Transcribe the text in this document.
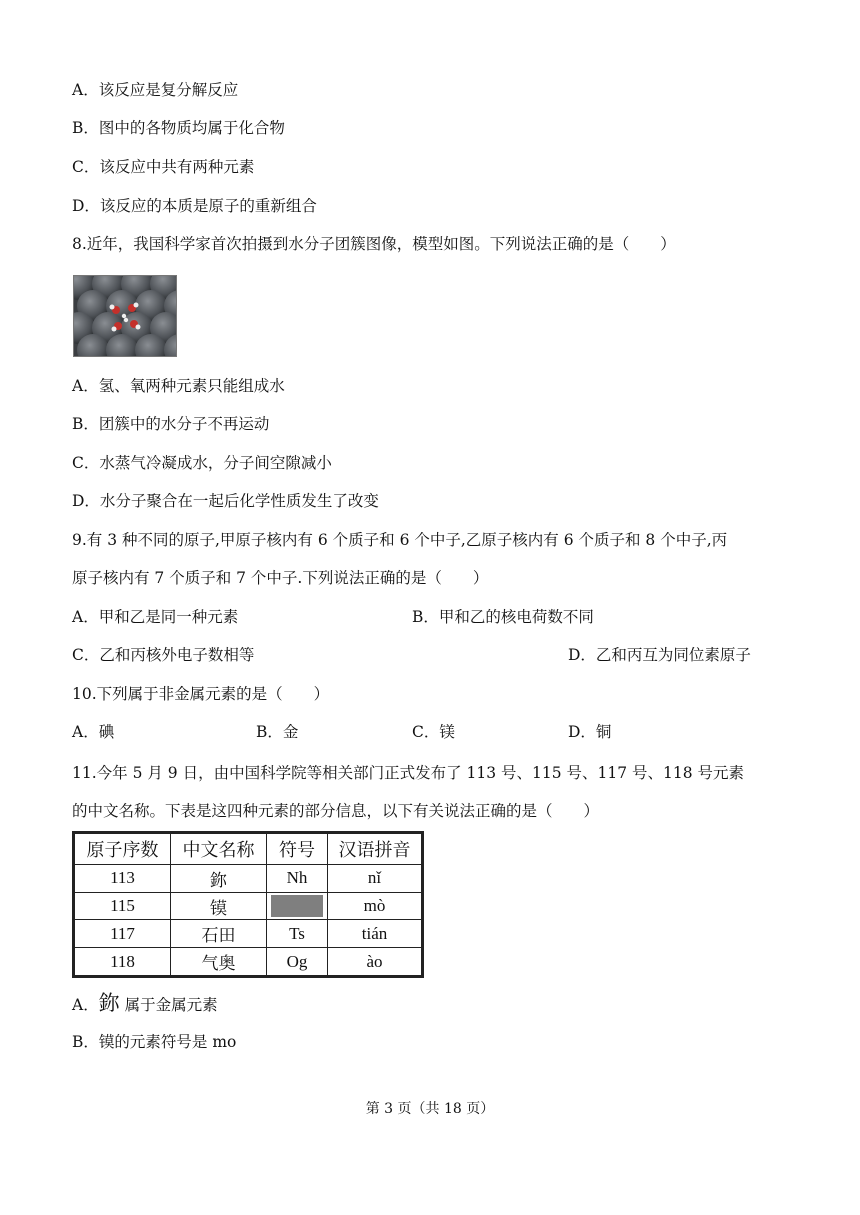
A．该反应是复分解反应
B．图中的各物质均属于化合物
C．该反应中共有两种元素
D．该反应的本质是原子的重新组合
8.近年，我国科学家首次拍摄到水分子团簇图像，模型如图。下列说法正确的是（　　）
A．氢、氧两种元素只能组成水
B．团簇中的水分子不再运动
C．水蒸气冷凝成水，分子间空隙减小
D．水分子聚合在一起后化学性质发生了改变
9.有 3 种不同的原子,甲原子核内有 6 个质子和 6 个中子,乙原子核内有 6 个质子和 8 个中子,丙
原子核内有 7 个质子和 7 个中子.下列说法正确的是（　　）
A．甲和乙是同一种元素	B．甲和乙的核电荷数不同
C．乙和丙核外电子数相等	D．乙和丙互为同位素原子
10.下列属于非金属元素的是（　　）
A．碘	B．金	C．镁	D．铜
11.今年 5 月 9 日，由中国科学院等相关部门正式发布了 113 号、115 号、117 号、118 号元素
的中文名称。下表是这四种元素的部分信息，以下有关说法正确的是（　　）
原子序数	中文名称	符号	汉语拼音
113	鉨	Nh	nǐ
115	镆		mò
117	石田	Ts	tián
118	气奥	Og	ào
A．鉨 属于金属元素
B．镆的元素符号是 mo
第 3 页（共 18 页）
